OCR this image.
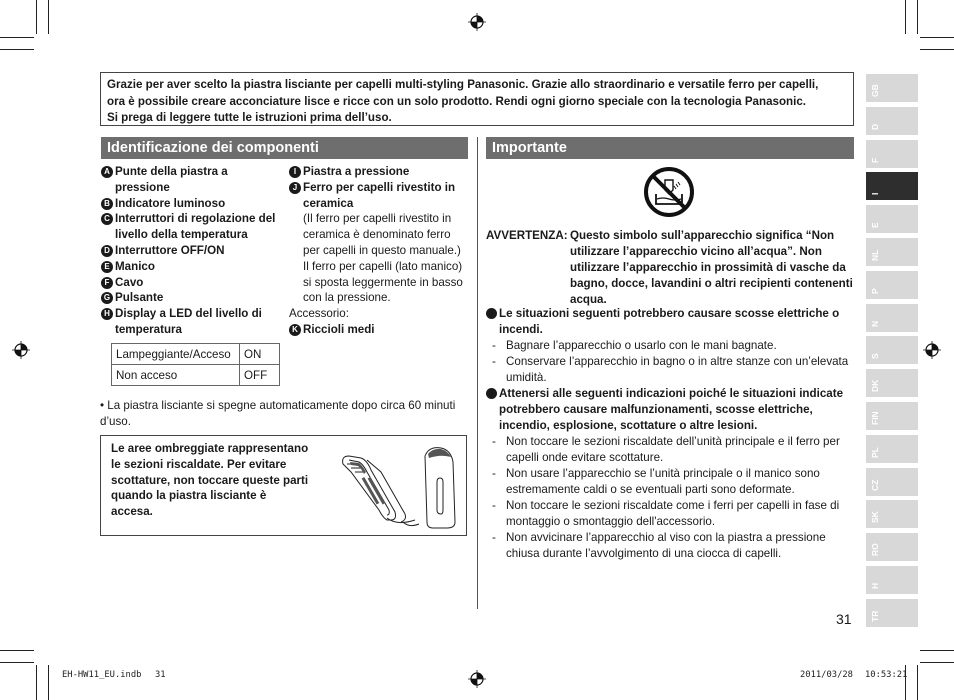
Grazie per aver scelto la piastra lisciante per capelli multi-styling Panasonic. Grazie allo straordinario e versatile ferro per capelli,
ora è possibile creare acconciature lisce e ricce con un solo prodotto. Rendi ogni giorno speciale con la tecnologia Panasonic.
Si prega di leggere tutte le istruzioni prima dell’uso.
Identificazione dei componenti
A Punte della piastra a pressione
B Indicatore luminoso
C Interruttori di regolazione del livello della temperatura
D Interruttore OFF/ON
E Manico
F Cavo
G Pulsante
H Display a LED del livello di temperatura
I Piastra a pressione
J Ferro per capelli rivestito in ceramica
(Il ferro per capelli rivestito in ceramica è denominato ferro per capelli in questo manuale.) Il ferro per capelli (lato manico) si sposta leggermente in basso con la pressione.
Accessorio:
K Riccioli medi
Lampeggiante/Acceso	ON
Non acceso	OFF
• La piastra lisciante si spegne automaticamente dopo circa 60 minuti d’uso.
Le aree ombreggiate rappresentano le sezioni riscaldate. Per evitare scottature, non toccare queste parti quando la piastra lisciante è accesa.
Importante
AVVERTENZA: Questo simbolo sull’apparecchio significa “Non utilizzare l’apparecchio vicino all’acqua”. Non utilizzare l’apparecchio in prossimità di vasche da bagno, docce, lavandini o altri recipienti contenenti acqua.
Le situazioni seguenti potrebbero causare scosse elettriche o incendi.
- Bagnare l’apparecchio o usarlo con le mani bagnate.
- Conservare l’apparecchio in bagno o in altre stanze con un’elevata umidità.
Attenersi alle seguenti indicazioni poiché le situazioni indicate potrebbero causare malfunzionamenti, scosse elettriche, incendio, esplosione, scottature o altre lesioni.
- Non toccare le sezioni riscaldate dell’unità principale e il ferro per capelli onde evitare scottature.
- Non usare l’apparecchio se l’unità principale o il manico sono estremamente caldi o se eventuali parti sono deformate.
- Non toccare le sezioni riscaldate come i ferri per capelli in fase di montaggio o smontaggio dell'accessorio.
- Non avvicinare l’apparecchio al viso con la piastra a pressione chiusa durante l’avvolgimento di una ciocca di capelli.
GB
D
F
I
E
NL
P
N
S
DK
FIN
PL
CZ
SK
RO
H
TR
31
EH-HW11_EU.indb 31	2011/03/28 10:53:21
